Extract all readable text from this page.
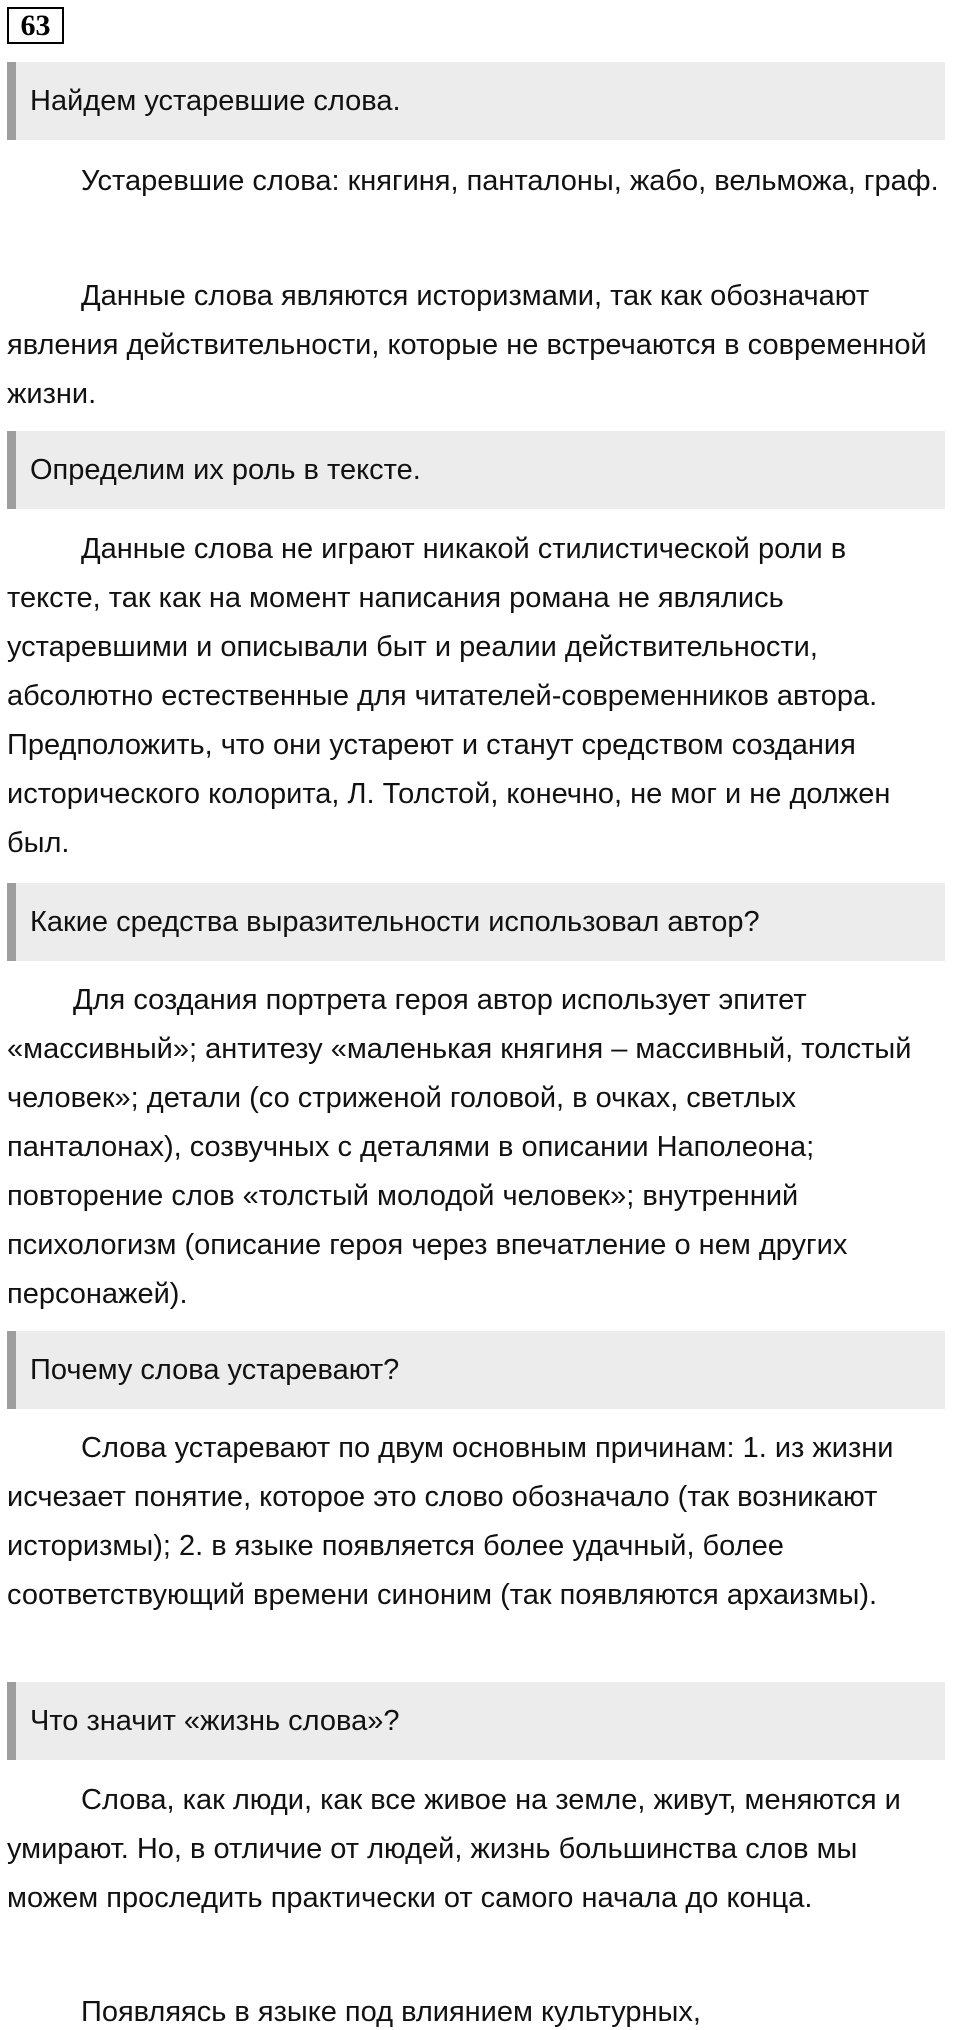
63
Найдем устаревшие слова.

Устаревшие слова: княгиня, панталоны, жабо, вельможа, граф.

Данные слова являются историзмами, так как обозначают явления действительности, которые не встречаются в современной жизни.

Определим их роль в тексте.

Данные слова не играют никакой стилистической роли в тексте, так как на момент написания романа не являлись устаревшими и описывали быт и реалии действительности, абсолютно естественные для читателей-современников автора. Предположить, что они устареют и станут средством создания исторического колорита, Л. Толстой, конечно, не мог и не должен был.

Какие средства выразительности использовал автор?

Для создания портрета героя автор использует эпитет «массивный»; антитезу «маленькая княгиня – массивный, толстый человек»; детали (со стриженой головой, в очках, светлых панталонах), созвучных с деталями в описании Наполеона; повторение слов «толстый молодой человек»; внутренний психологизм (описание героя через впечатление о нем других персонажей).

Почему слова устаревают?

Слова устаревают по двум основным причинам: 1. из жизни исчезает понятие, которое это слово обозначало (так возникают историзмы); 2. в языке появляется более удачный, более соответствующий времени синоним (так появляются архаизмы).

Что значит «жизнь слова»?

Слова, как люди, как все живое на земле, живут, меняются и умирают. Но, в отличие от людей, жизнь большинства слов мы можем проследить практически от самого начала до конца.

Появляясь в языке под влиянием культурных,
